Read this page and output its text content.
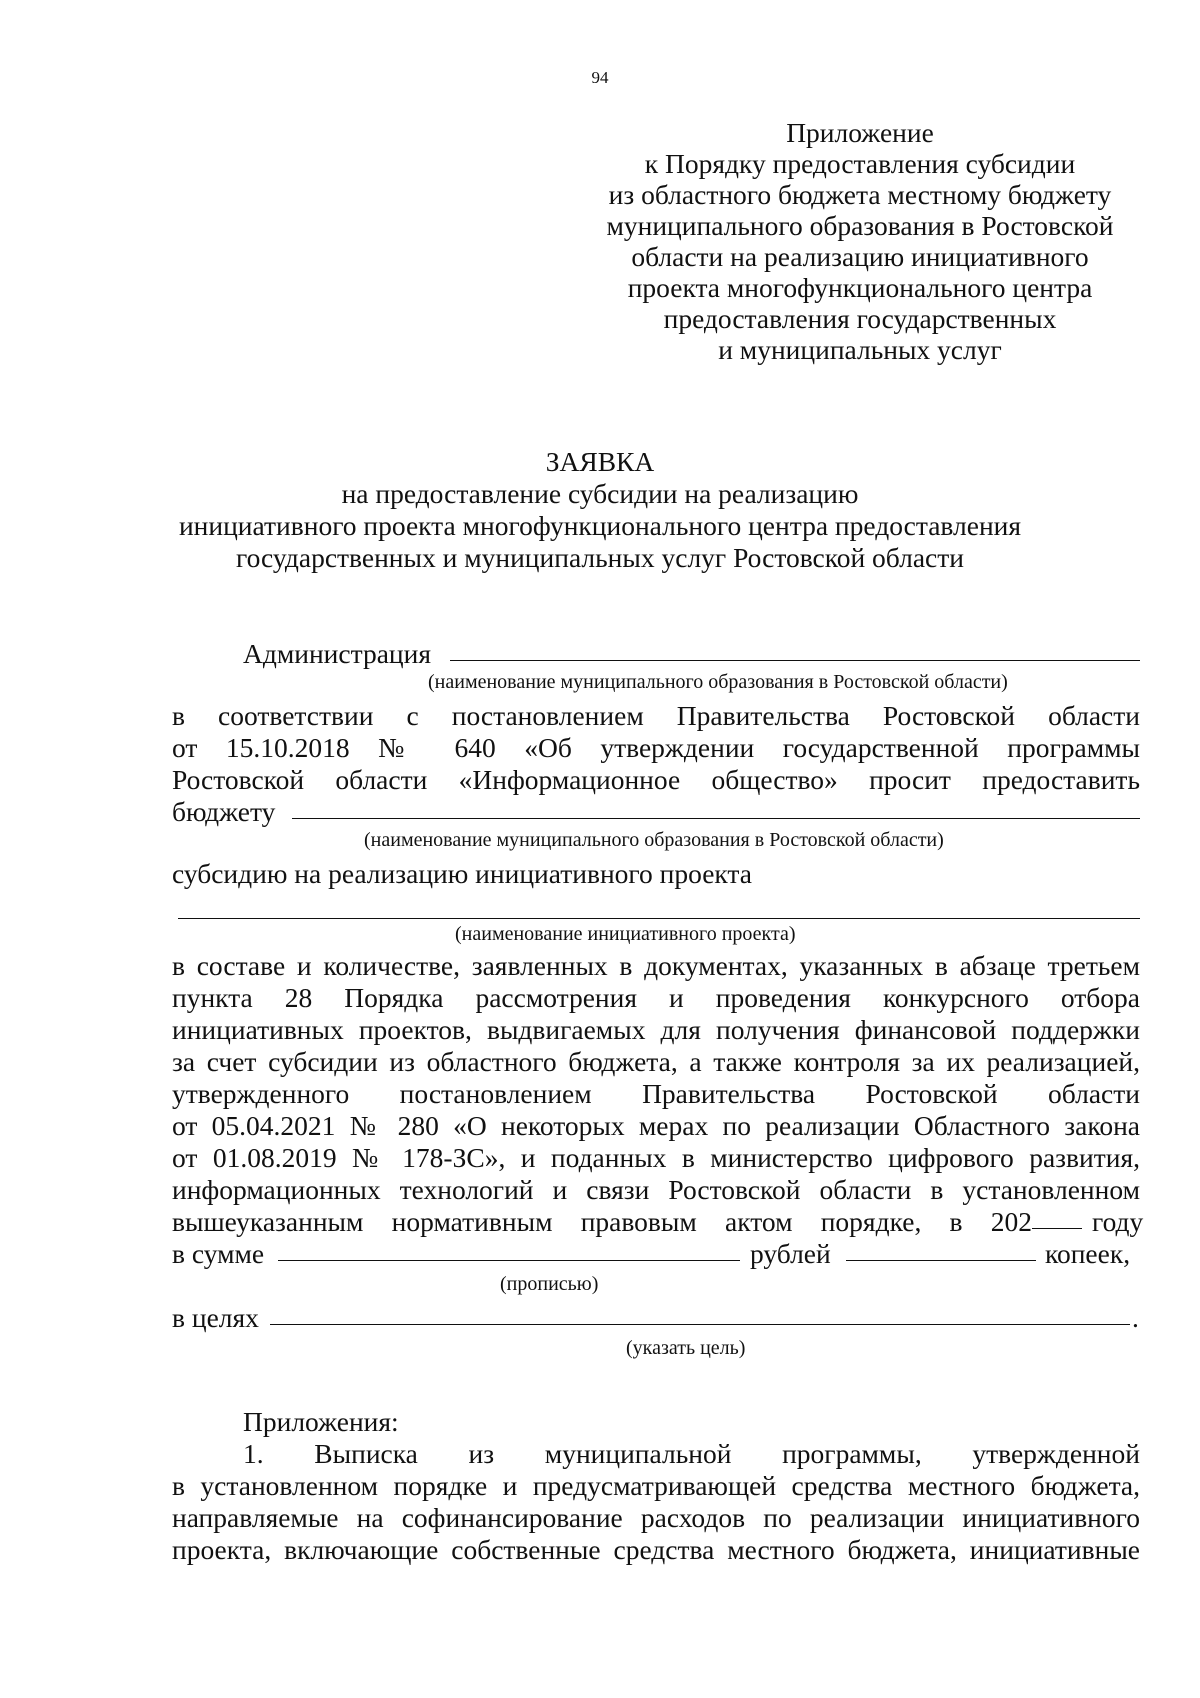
94
Приложение
к Порядку предоставления субсидии
из областного бюджета местному бюджету
муниципального образования в Ростовской
области на реализацию инициативного
проекта многофункционального центра
предоставления государственных
и муниципальных услуг
ЗАЯВКА
на предоставление субсидии на реализацию
инициативного проекта многофункционального центра предоставления
государственных и муниципальных услуг Ростовской области
Администрация
(наименование муниципального образования в Ростовской области)
в соответствии с постановлением Правительства Ростовской области
от 15.10.2018 № 640 «Об утверждении государственной программы
Ростовской области «Информационное общество» просит предоставить
бюджету
(наименование муниципального образования в Ростовской области)
субсидию на реализацию инициативного проекта
(наименование инициативного проекта)
в составе и количестве, заявленных в документах, указанных в абзаце третьем
пункта 28 Порядка рассмотрения и проведения конкурсного отбора
инициативных проектов, выдвигаемых для получения финансовой поддержки
за счет субсидии из областного бюджета, а также контроля за их реализацией,
утвержденного постановлением Правительства Ростовской области
от 05.04.2021 № 280 «О некоторых мерах по реализации Областного закона
от 01.08.2019 № 178-ЗС», и поданных в министерство цифрового развития,
информационных технологий и связи Ростовской области в установленном
вышеуказанным нормативным правовым актом порядке, в 202 году
в сумме	рублей	копеек,
(прописью)
в целях	.
(указать цель)
Приложения:
1. Выписка из муниципальной программы, утвержденной
в установленном порядке и предусматривающей средства местного бюджета,
направляемые на софинансирование расходов по реализации инициативного
проекта, включающие собственные средства местного бюджета, инициативные
